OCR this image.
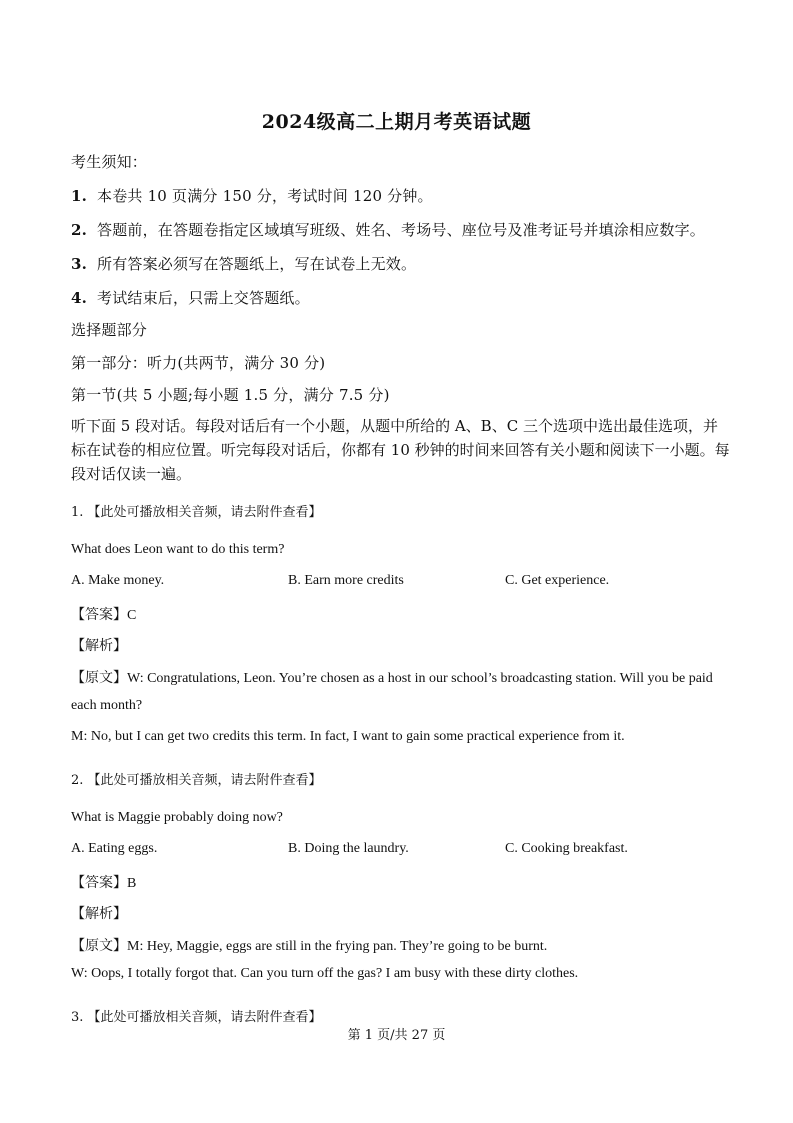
2024级高二上期月考英语试题
考生须知：
1. 本卷共 10 页满分 150 分，考试时间 120 分钟。
2. 答题前，在答题卷指定区域填写班级、姓名、考场号、座位号及准考证号并填涂相应数字。
3. 所有答案必须写在答题纸上，写在试卷上无效。
4. 考试结束后，只需上交答题纸。
选择题部分
第一部分：听力(共两节，满分 30 分)
第一节(共 5 小题;每小题 1.5 分，满分 7.5 分)
听下面 5 段对话。每段对话后有一个小题，从题中所给的 A、B、C 三个选项中选出最佳选项，并标在试卷的相应位置。听完每段对话后，你都有 10 秒钟的时间来回答有关小题和阅读下一小题。每段对话仅读一遍。
1. 【此处可播放相关音频，请去附件查看】
What does Leon want to do this term?
A. Make money.	B. Earn more credits	C. Get experience.
【答案】C
【解析】
【原文】W: Congratulations, Leon. You’re chosen as a host in our school’s broadcasting station. Will you be paid
each month?
M: No, but I can get two credits this term. In fact, I want to gain some practical experience from it.
2. 【此处可播放相关音频，请去附件查看】
What is Maggie probably doing now?
A. Eating eggs.	B. Doing the laundry.	C. Cooking breakfast.
【答案】B
【解析】
【原文】M: Hey, Maggie, eggs are still in the frying pan. They’re going to be burnt.
W: Oops, I totally forgot that. Can you turn off the gas? I am busy with these dirty clothes.
3. 【此处可播放相关音频，请去附件查看】
第 1 页/共 27 页
